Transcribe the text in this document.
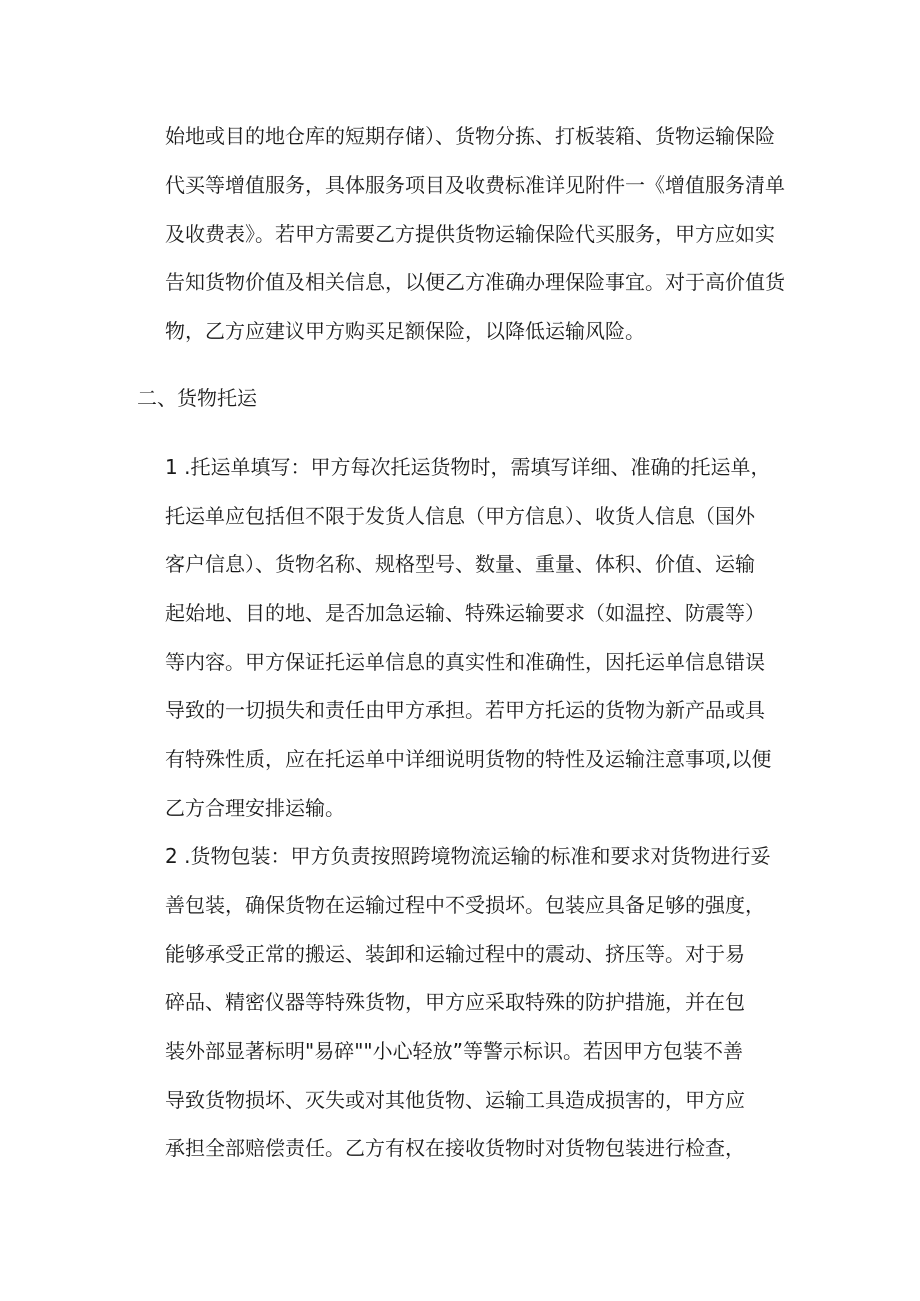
始地或目的地仓库的短期存储）、货物分拣、打板装箱、货物运输保险
代买等增值服务，具体服务项目及收费标准详见附件一《增值服务清单
及收费表》。若甲方需要乙方提供货物运输保险代买服务，甲方应如实
告知货物价值及相关信息，以便乙方准确办理保险事宜。对于高价值货
物，乙方应建议甲方购买足额保险，以降低运输风险。
二、货物托运
1 .托运单填写：甲方每次托运货物时，需填写详细、准确的托运单，
托运单应包括但不限于发货人信息（甲方信息）、收货人信息（国外
客户信息）、货物名称、规格型号、数量、重量、体积、价值、运输
起始地、目的地、是否加急运输、特殊运输要求（如温控、防震等）
等内容。甲方保证托运单信息的真实性和准确性，因托运单信息错误
导致的一切损失和责任由甲方承担。若甲方托运的货物为新产品或具
有特殊性质，应在托运单中详细说明货物的特性及运输注意事项,以便
乙方合理安排运输。
2 .货物包装：甲方负责按照跨境物流运输的标准和要求对货物进行妥
善包装，确保货物在运输过程中不受损坏。包装应具备足够的强度，
能够承受正常的搬运、装卸和运输过程中的震动、挤压等。对于易
碎品、精密仪器等特殊货物，甲方应采取特殊的防护措施，并在包
装外部显著标明"易碎""小心轻放”等警示标识。若因甲方包装不善
导致货物损坏、灭失或对其他货物、运输工具造成损害的，甲方应
承担全部赔偿责任。乙方有权在接收货物时对货物包装进行检查，
